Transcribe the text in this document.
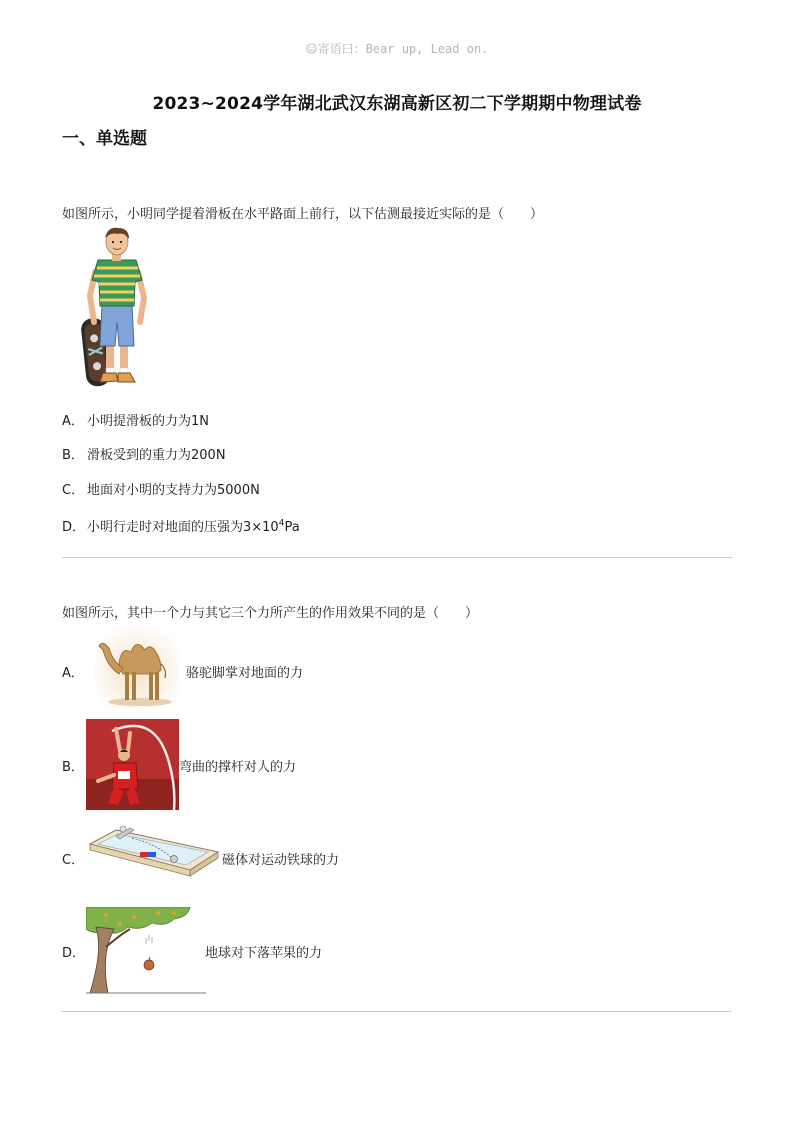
寄语曰：Bear up, Lead on.
2023~2024学年湖北武汉东湖高新区初二下学期期中物理试卷
一、单选题
如图所示，小明同学提着滑板在水平路面上前行，以下估测最接近实际的是（　　）
A． 小明提滑板的力为1N
B． 滑板受到的重力为200N
C． 地面对小明的支持力为5000N
D． 小明行走时对地面的压强为$3\times 10^4Pa$
如图所示，其中一个力与其它三个力所产生的作用效果不同的是（　　）
A．	骆驼脚掌对地面的力
B．	弯曲的撑杆对人的力
C．	磁体对运动铁球的力
D．	地球对下落苹果的力
